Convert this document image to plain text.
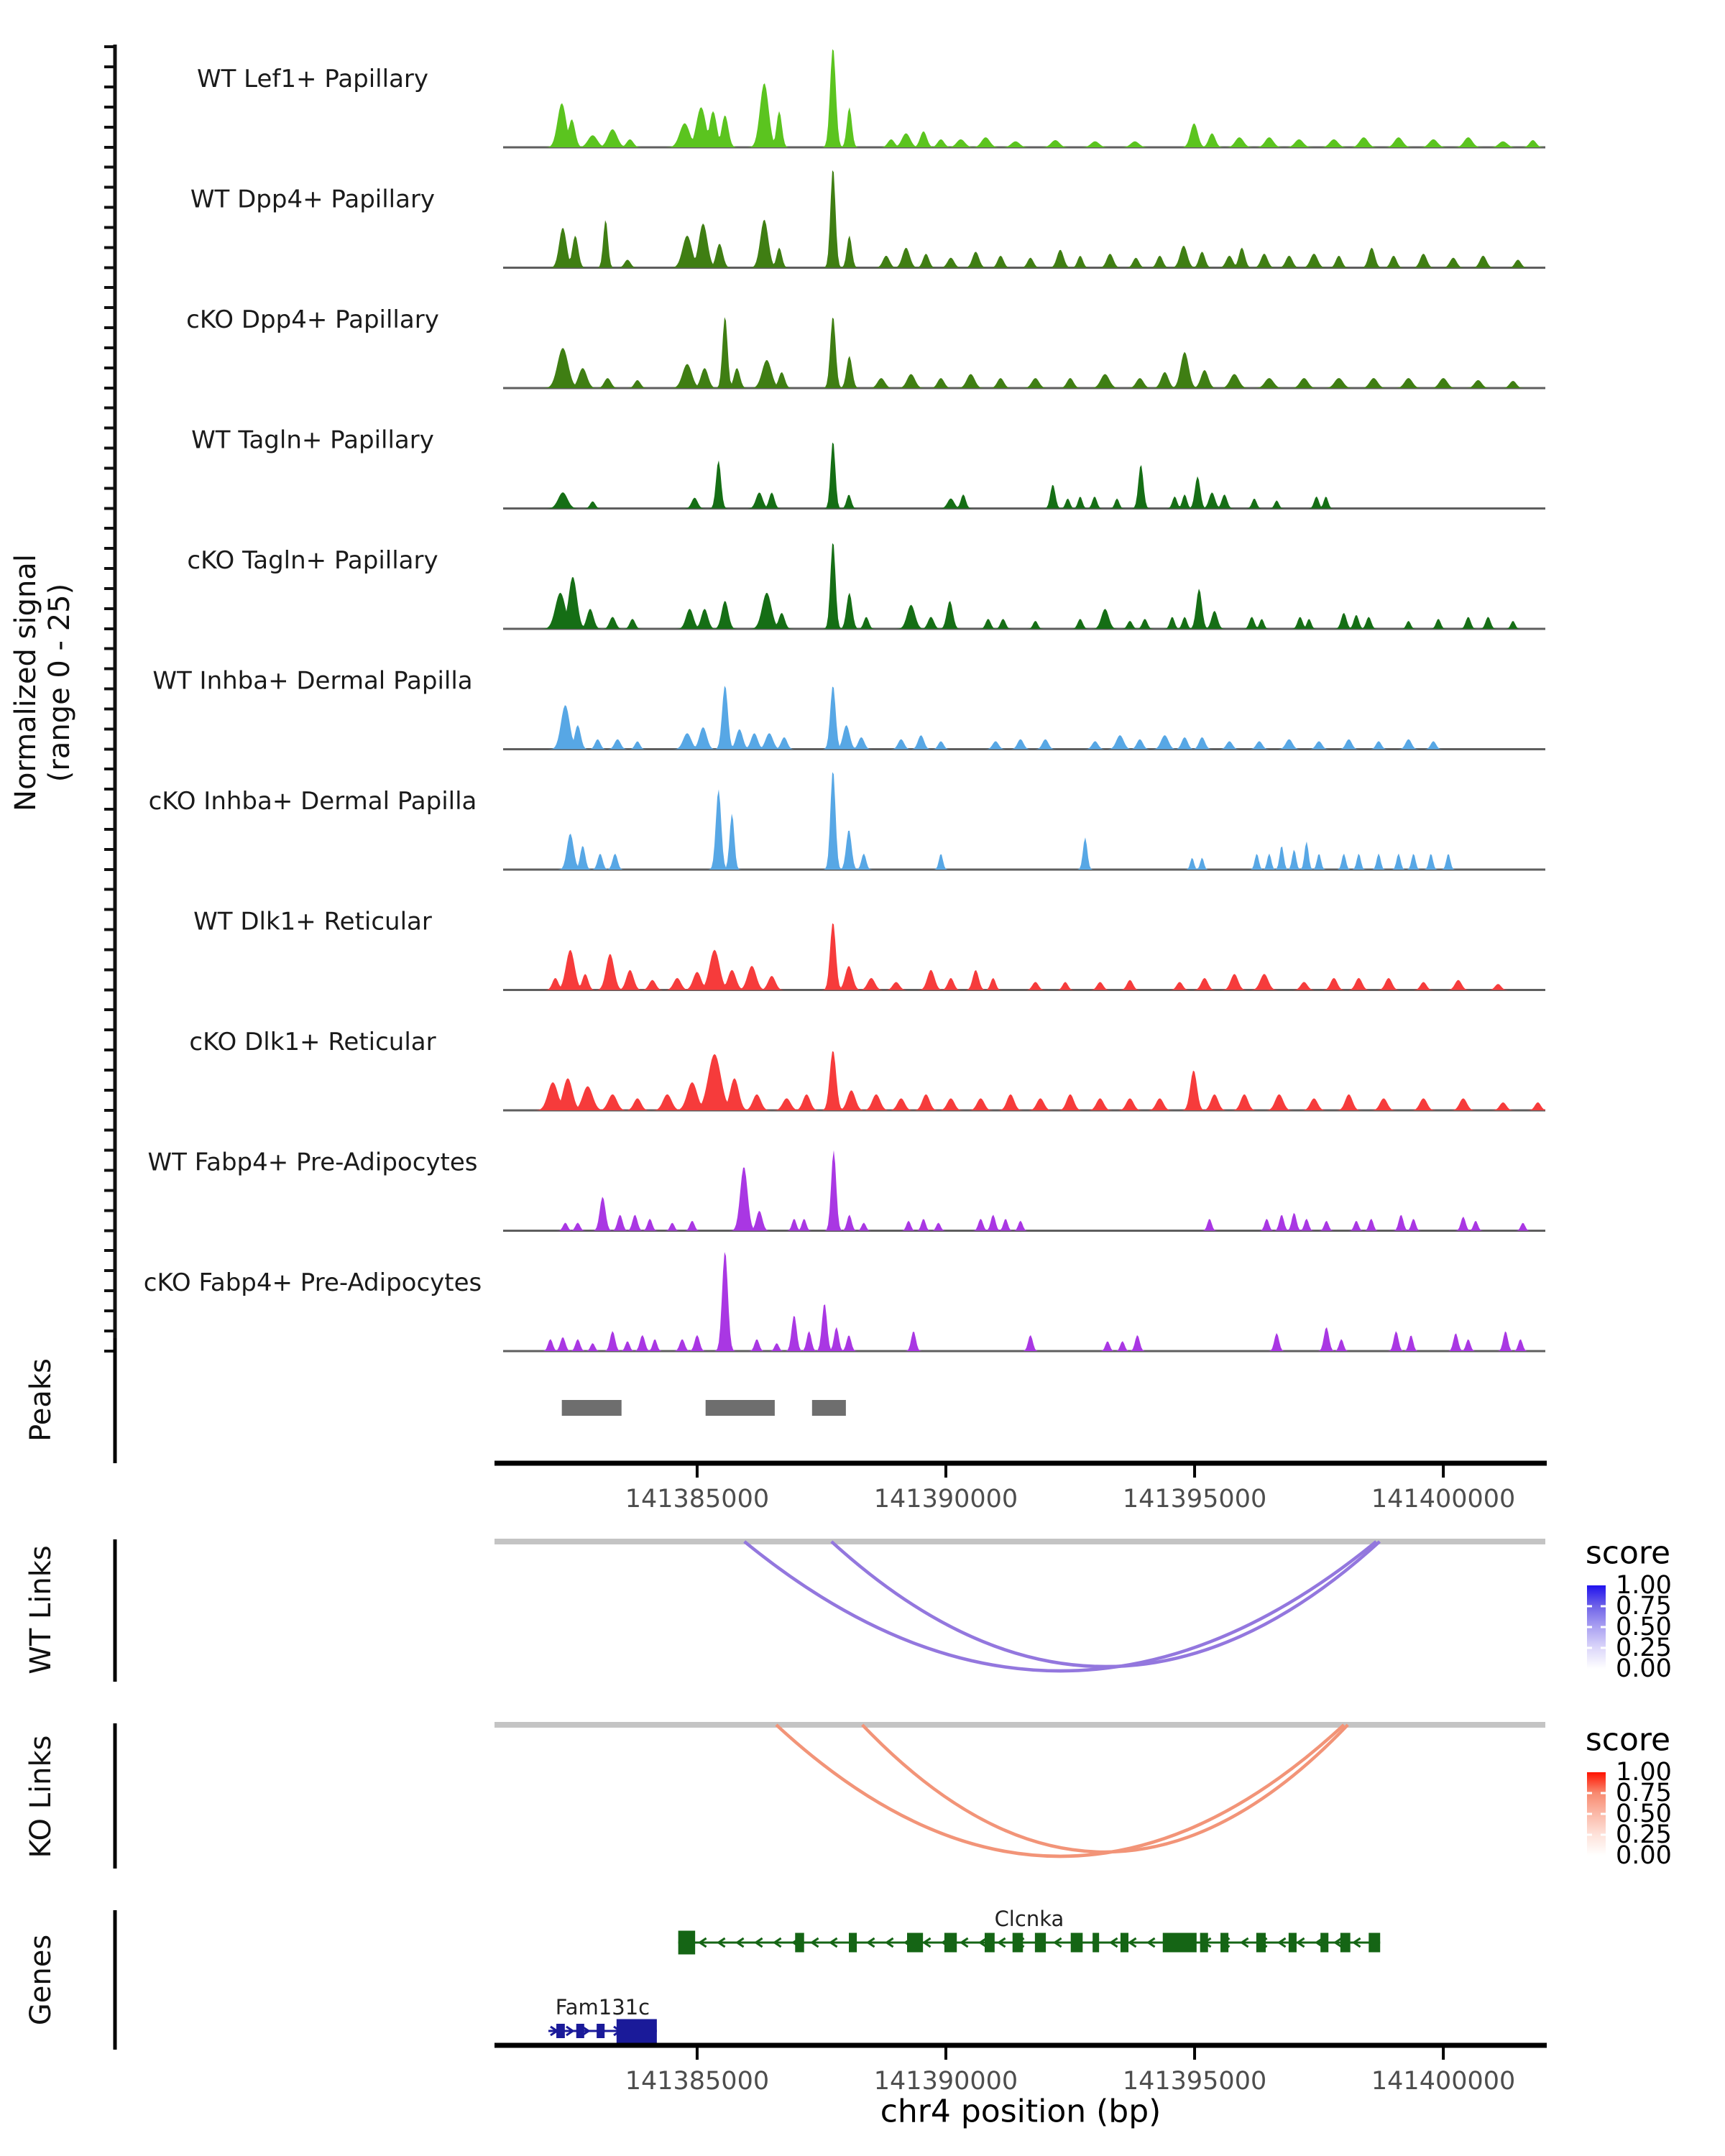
Normalized signal
(range 0 - 25)
Peaks
WT Links
KO Links
Genes
chr4 position (bp)
WT Lef1+ Papillary
WT Dpp4+ Papillary
cKO Dpp4+ Papillary
WT Tagln+ Papillary
cKO Tagln+ Papillary
WT Inhba+ Dermal Papilla
cKO Inhba+ Dermal Papilla
WT Dlk1+ Reticular
cKO Dlk1+ Reticular
WT Fabp4+ Pre-Adipocytes
cKO Fabp4+ Pre-Adipocytes
141385000	141390000	141395000	141400000
141385000	141390000	141395000	141400000
score
1.00
0.75
0.50
0.25
0.00
score
1.00
0.75
0.50
0.25
0.00
Clcnka
Fam131c
